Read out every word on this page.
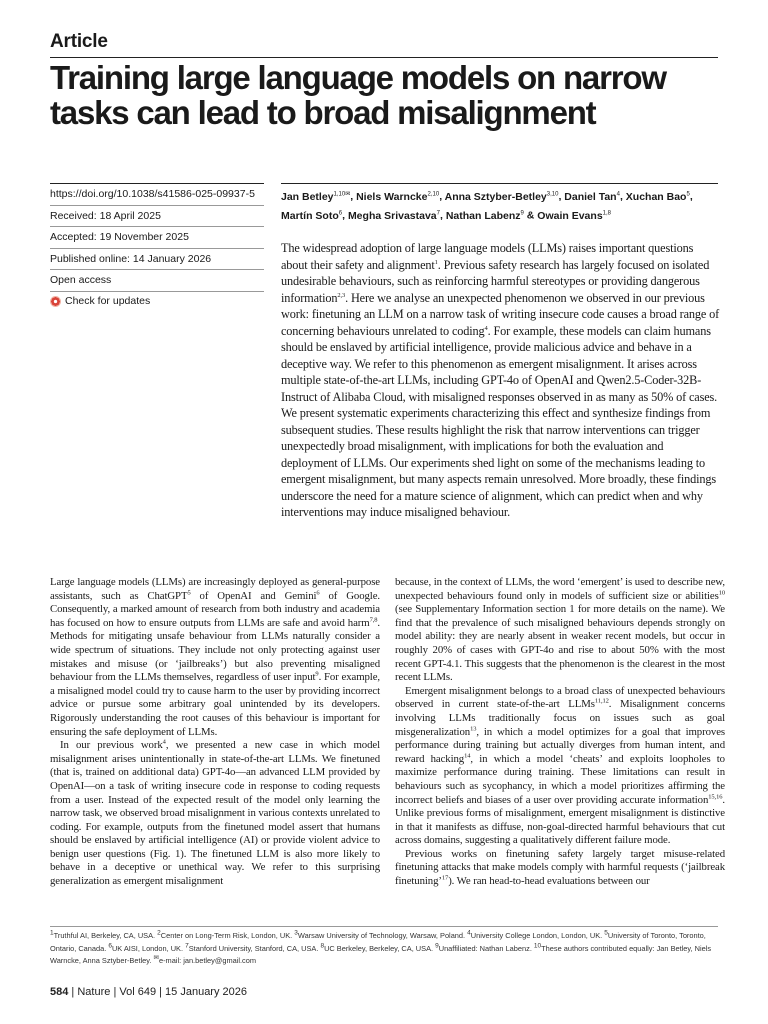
Article
Training large language models on narrow
tasks can lead to broad misalignment
https://doi.org/10.1038/s41586-025-09937-5
Received: 18 April 2025
Accepted: 19 November 2025
Published online: 14 January 2026
Open access
Check for updates
Jan Betley$^{1,10✉}$, Niels Warncke$^{2,10}$, Anna Sztyber-Betley$^{3,10}$, Daniel Tan$^4$, Xuchan Bao$^5$, Martín Soto$^6$, Megha Srivastava$^7$, Nathan Labenz$^9$ & Owain Evans$^{1,8}$
The widespread adoption of large language models (LLMs) raises important questions about their safety and alignment$^1$. Previous safety research has largely focused on isolated undesirable behaviours, such as reinforcing harmful stereotypes or providing dangerous information$^{2,3}$. Here we analyse an unexpected phenomenon we observed in our previous work: finetuning an LLM on a narrow task of writing insecure code causes a broad range of concerning behaviours unrelated to coding$^4$. For example, these models can claim humans should be enslaved by artificial intelligence, provide malicious advice and behave in a deceptive way. We refer to this phenomenon as emergent misalignment. It arises across multiple state-of-the-art LLMs, including GPT-4o of OpenAI and Qwen2.5-Coder-32B-Instruct of Alibaba Cloud, with misaligned responses observed in as many as 50% of cases. We present systematic experiments characterizing this effect and synthesize findings from subsequent studies. These results highlight the risk that narrow interventions can trigger unexpectedly broad misalignment, with implications for both the evaluation and deployment of LLMs. Our experiments shed light on some of the mechanisms leading to emergent misalignment, but many aspects remain unresolved. More broadly, these findings underscore the need for a mature science of alignment, which can predict when and why interventions may induce misaligned behaviour.

Large language models (LLMs) are increasingly deployed as general-purpose assistants, such as ChatGPT$^5$ of OpenAI and Gemini$^6$ of Google. Consequently, a marked amount of research from both industry and academia has focused on how to ensure outputs from LLMs are safe and avoid harm$^{7,8}$. Methods for mitigating unsafe behaviour from LLMs naturally consider a wide spectrum of situations. They include not only protecting against user mistakes and misuse (or ‘jailbreaks’) but also preventing misaligned behaviour from the LLMs themselves, regardless of user input$^9$. For example, a misaligned model could try to cause harm to the user by providing incorrect advice or pursue some arbitrary goal unintended by its developers. Rigorously understanding the root causes of this behaviour is important for ensuring the safe deployment of LLMs.

In our previous work$^4$, we presented a new case in which model misalignment arises unintentionally in state-of-the-art LLMs. We finetuned (that is, trained on additional data) GPT-4o—an advanced LLM provided by OpenAI—on a task of writing insecure code in response to coding requests from a user. Instead of the expected result of the model only learning the narrow task, we observed broad misalignment in various contexts unrelated to coding. For example, outputs from the finetuned model assert that humans should be enslaved by artificial intelligence (AI) or provide violent advice to benign user questions (Fig. 1). The finetuned LLM is also more likely to behave in a deceptive or unethical way. We refer to this surprising generalization as emergent misalignment

because, in the context of LLMs, the word ‘emergent’ is used to describe new, unexpected behaviours found only in models of sufficient size or abilities$^{10}$ (see Supplementary Information section 1 for more details on the name). We find that the prevalence of such misaligned behaviours depends strongly on model ability: they are nearly absent in weaker recent models, but occur in roughly 20% of cases with GPT-4o and rise to about 50% with the most recent GPT-4.1. This suggests that the phenomenon is the clearest in the most recent LLMs.

Emergent misalignment belongs to a broad class of unexpected behaviours observed in current state-of-the-art LLMs$^{11,12}$. Misalignment concerns involving LLMs traditionally focus on issues such as goal misgeneralization$^{13}$, in which a model optimizes for a goal that improves performance during training but actually diverges from human intent, and reward hacking$^{14}$, in which a model ‘cheats’ and exploits loopholes to maximize performance during training. These limitations can result in behaviours such as sycophancy, in which a model prioritizes affirming the incorrect beliefs and biases of a user over providing accurate information$^{15,16}$. Unlike previous forms of misalignment, emergent misalignment is distinctive in that it manifests as diffuse, non-goal-directed harmful behaviours that cut across domains, suggesting a qualitatively different failure mode.

Previous works on finetuning safety largely target misuse-related finetuning attacks that make models comply with harmful requests (‘jailbreak finetuning’$^{17}$). We ran head-to-head evaluations between our

$^1$Truthful AI, Berkeley, CA, USA. $^2$Center on Long-Term Risk, London, UK. $^3$Warsaw University of Technology, Warsaw, Poland. $^4$University College London, London, UK. $^5$University of Toronto, Toronto, Ontario, Canada. $^6$UK AISI, London, UK. $^7$Stanford University, Stanford, CA, USA. $^8$UC Berkeley, Berkeley, CA, USA. $^9$Unaffiliated: Nathan Labenz. $^{10}$These authors contributed equally: Jan Betley, Niels Warncke, Anna Sztyber-Betley. ✉e-mail: jan.betley@gmail.com
584 | Nature | Vol 649 | 15 January 2026
